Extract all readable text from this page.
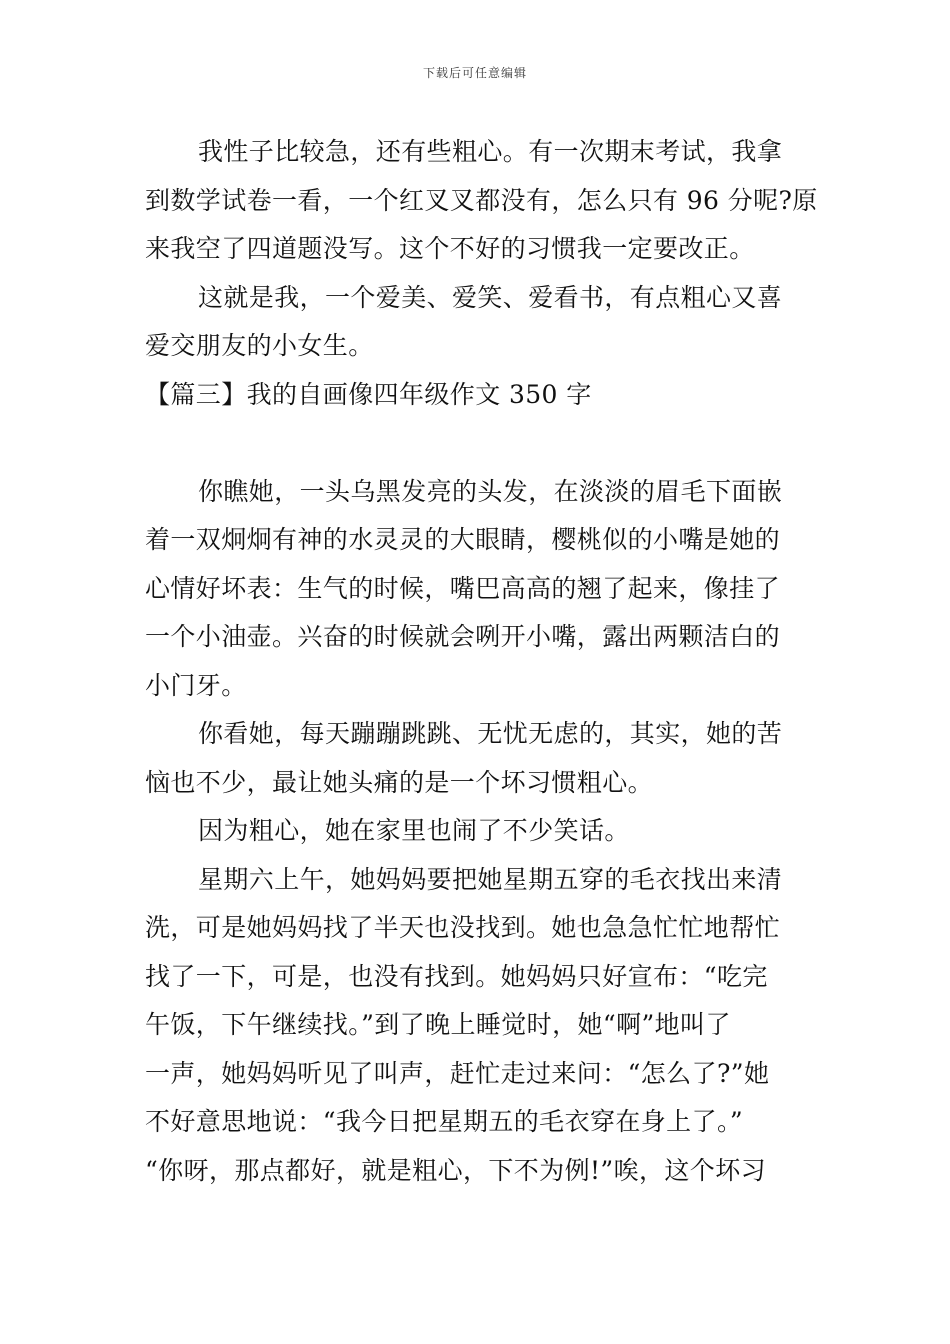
下载后可任意编辑
我性子比较急，还有些粗心。有一次期末考试，我拿
到数学试卷一看，一个红叉叉都没有，怎么只有 96 分呢?原
来我空了四道题没写。这个不好的习惯我一定要改正。
这就是我，一个爱美、爱笑、爱看书，有点粗心又喜
爱交朋友的小女生。
【篇三】我的自画像四年级作文 350 字
你瞧她，一头乌黑发亮的头发，在淡淡的眉毛下面嵌
着一双炯炯有神的水灵灵的大眼睛，樱桃似的小嘴是她的
心情好坏表：生气的时候，嘴巴高高的翘了起来，像挂了
一个小油壶。兴奋的时候就会咧开小嘴，露出两颗洁白的
小门牙。
你看她，每天蹦蹦跳跳、无忧无虑的，其实，她的苦
恼也不少，最让她头痛的是一个坏习惯粗心。
因为粗心，她在家里也闹了不少笑话。
星期六上午，她妈妈要把她星期五穿的毛衣找出来清
洗，可是她妈妈找了半天也没找到。她也急急忙忙地帮忙
找了一下，可是，也没有找到。她妈妈只好宣布：“吃完
午饭，下午继续找。”到了晚上睡觉时，她“啊”地叫了
一声，她妈妈听见了叫声，赶忙走过来问：“怎么了?”她
不好意思地说：“我今日把星期五的毛衣穿在身上了。”
“你呀，那点都好，就是粗心，下不为例!”唉，这个坏习
